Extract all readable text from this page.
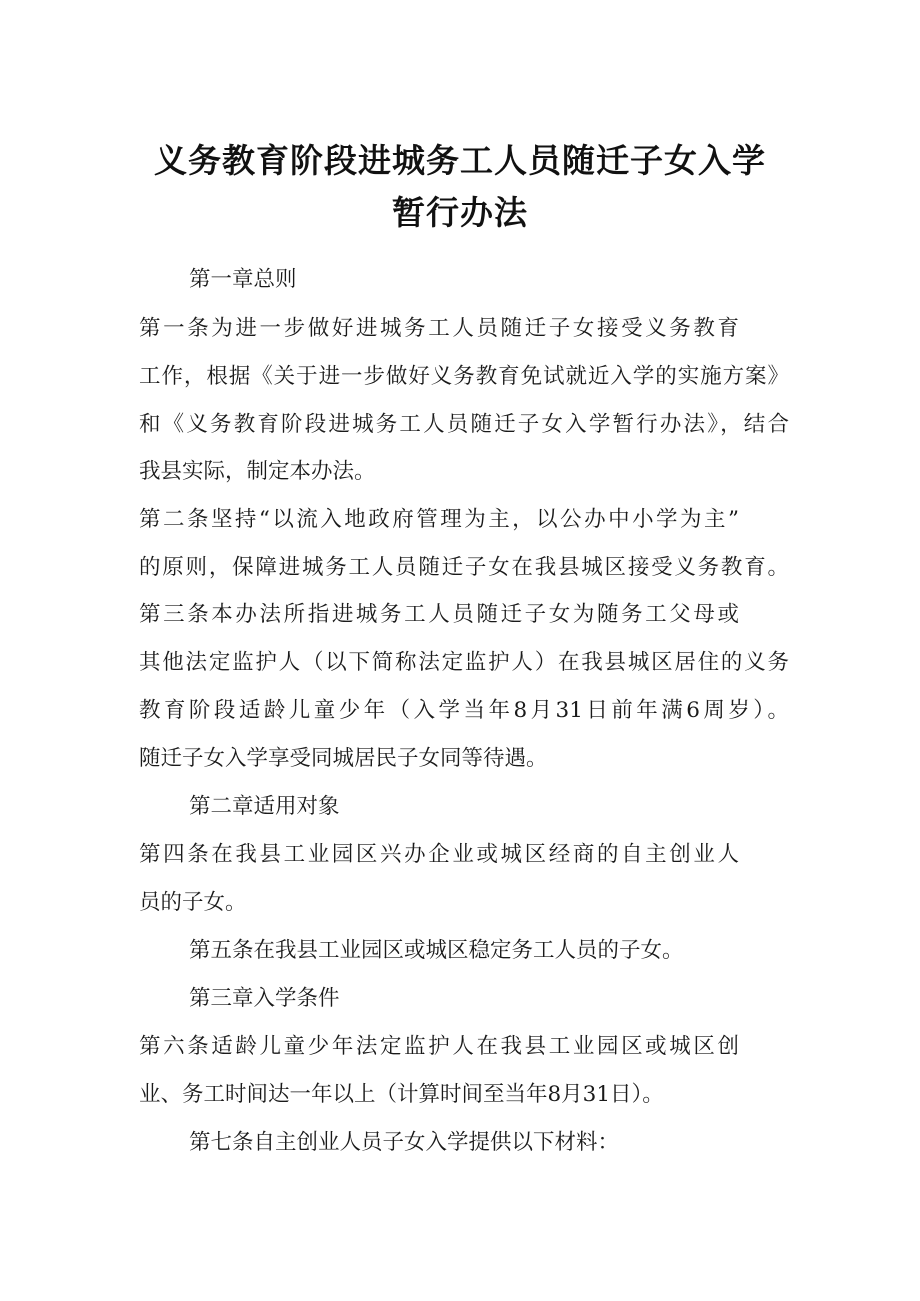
义务教育阶段进城务工人员随迁子女入学
暂行办法
第一章总则
第一条为进一步做好进城务工人员随迁子女接受义务教育
工作，根据《关于进一步做好义务教育免试就近入学的实施方案》
和《义务教育阶段进城务工人员随迁子女入学暂行办法》，结合
我县实际，制定本办法。
第二条坚持“以流入地政府管理为主，以公办中小学为主”
的原则，保障进城务工人员随迁子女在我县城区接受义务教育。
第三条本办法所指进城务工人员随迁子女为随务工父母或
其他法定监护人（以下简称法定监护人）在我县城区居住的义务
教育阶段适龄儿童少年（入学当年8月31日前年满6周岁）。
随迁子女入学享受同城居民子女同等待遇。
第二章适用对象
第四条在我县工业园区兴办企业或城区经商的自主创业人
员的子女。
第五条在我县工业园区或城区稳定务工人员的子女。
第三章入学条件
第六条适龄儿童少年法定监护人在我县工业园区或城区创
业、务工时间达一年以上（计算时间至当年8月31日）。
第七条自主创业人员子女入学提供以下材料：
